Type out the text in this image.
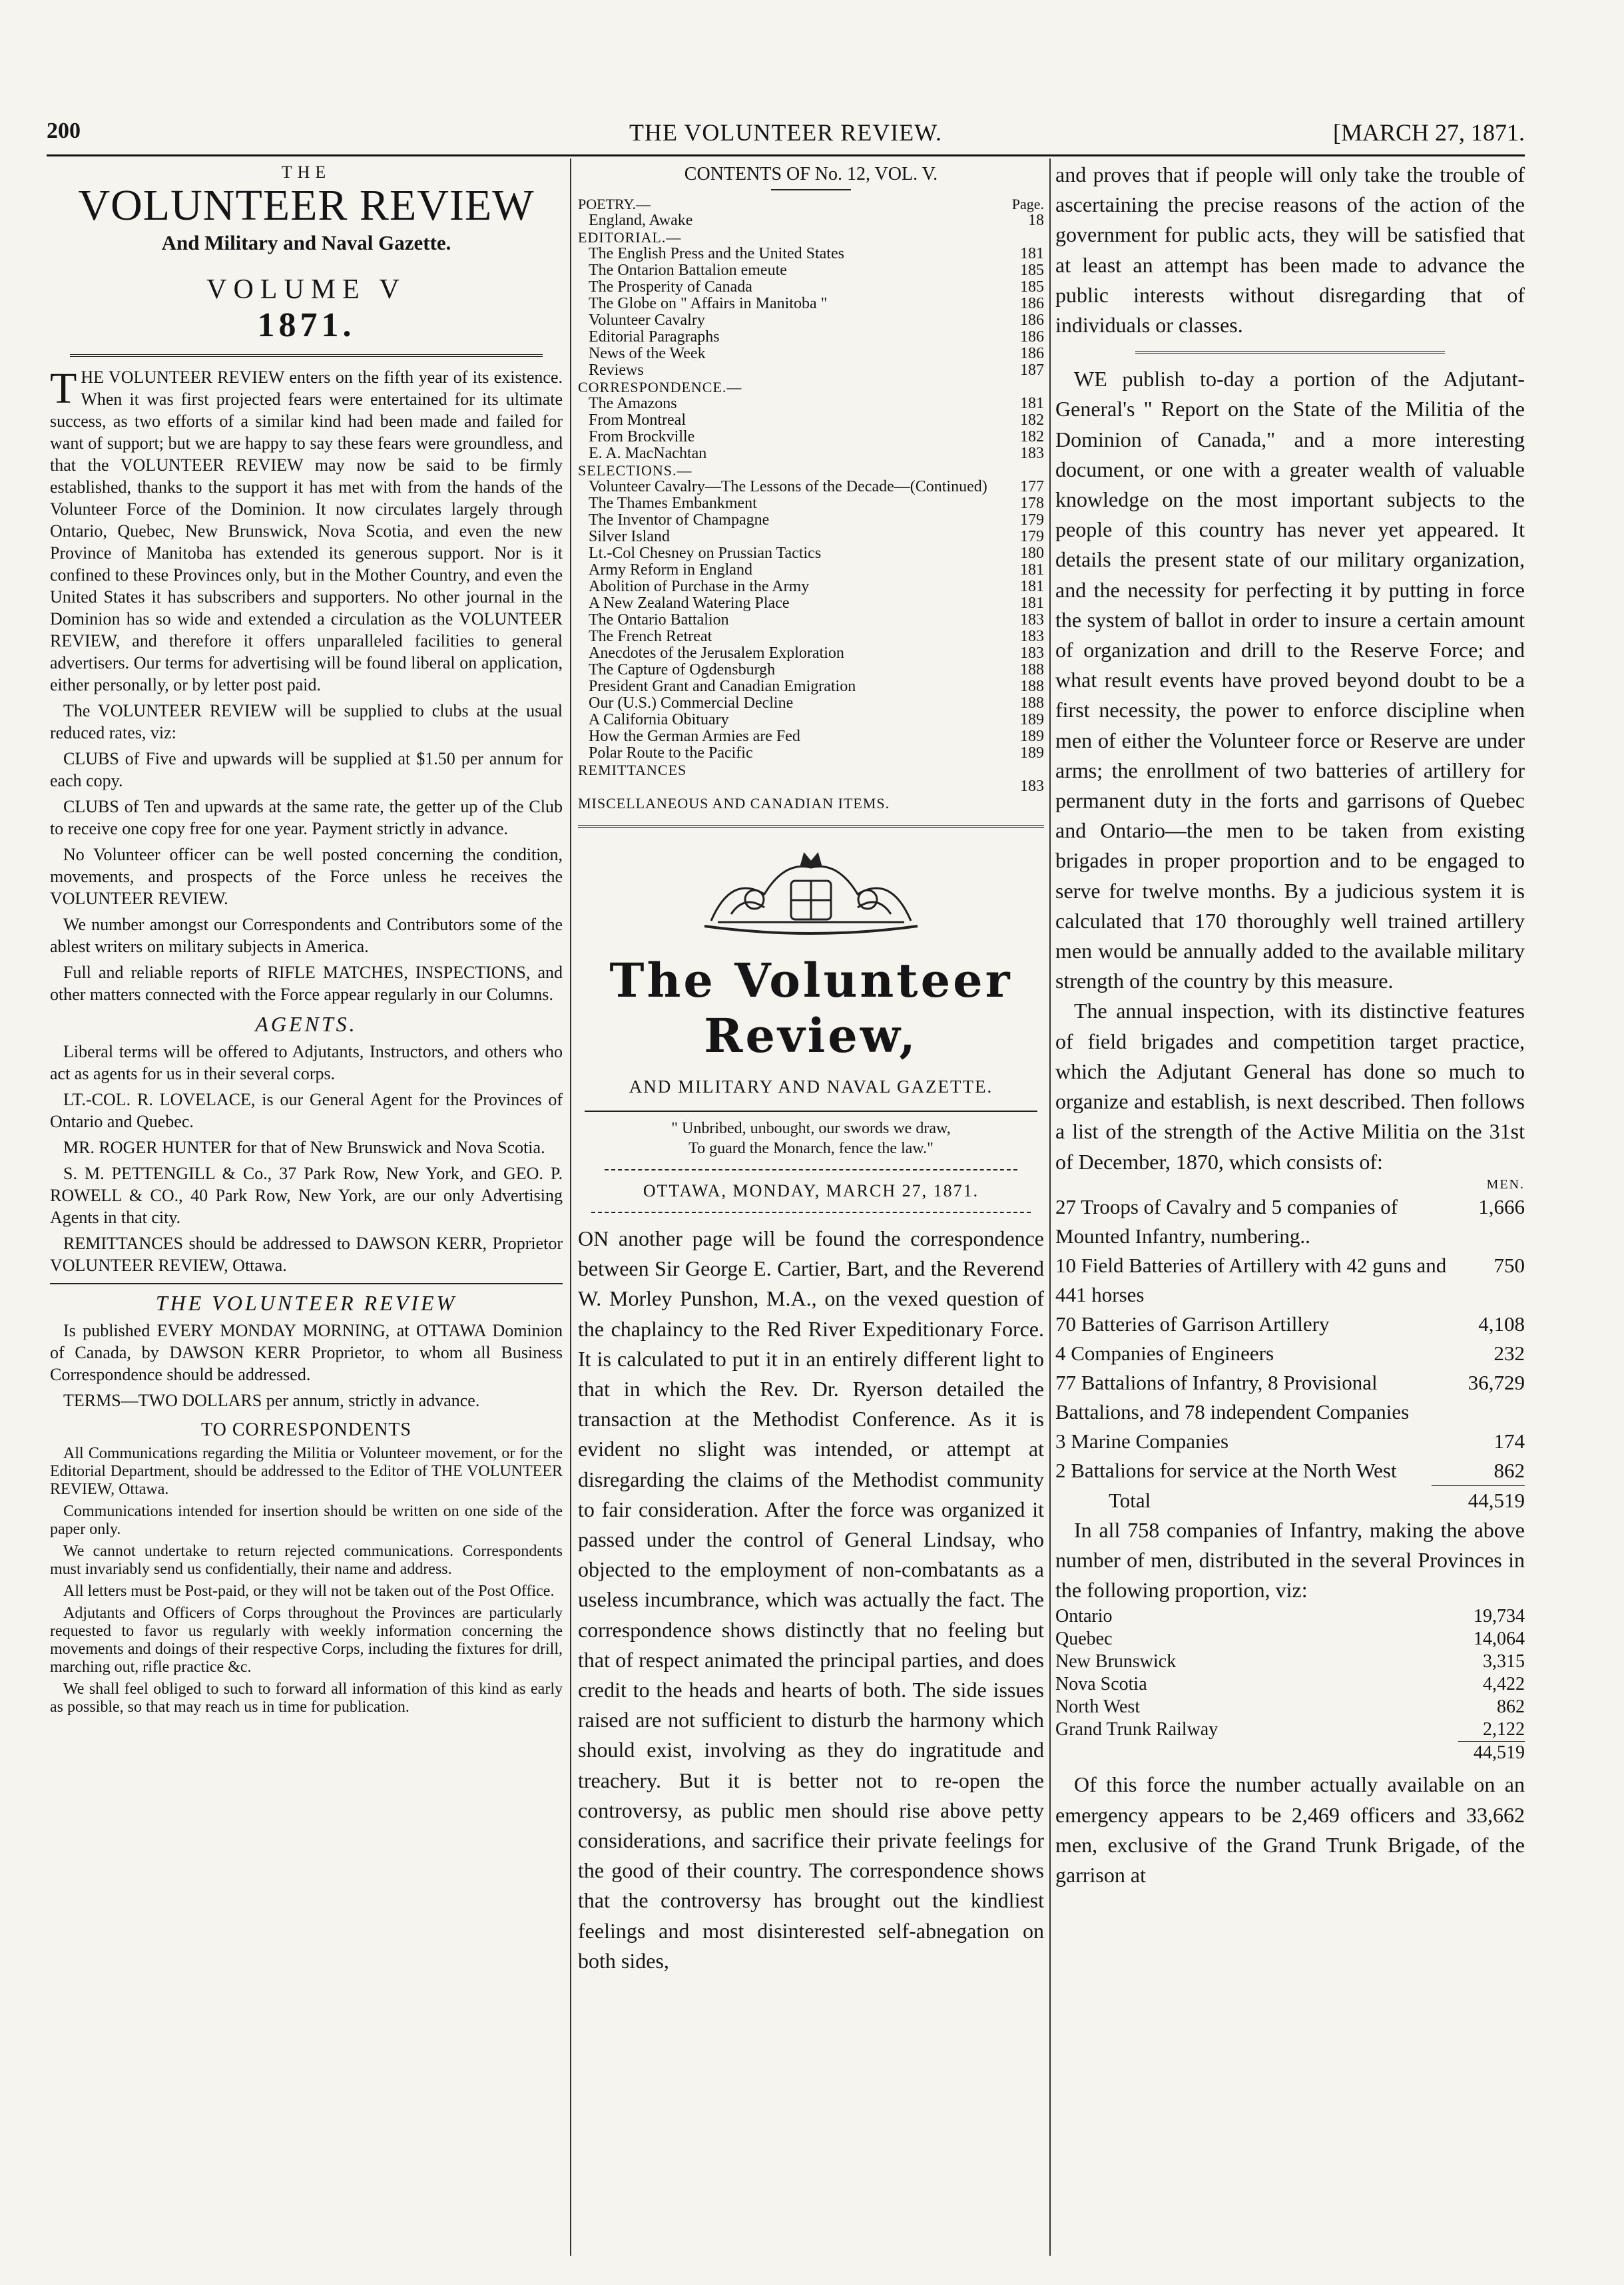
200	THE VOLUNTEER REVIEW.	[MARCH 27, 1871.
THE
VOLUNTEER REVIEW
And Military and Naval Gazette.
VOLUME V
1871.
T HE VOLUNTEER REVIEW enters on the fifth year of its existence. When it was first projected fears were entertained for its ultimate success, as two efforts of a similar kind had been made and failed for want of support; but we are happy to say these fears were groundless, and that the VOLUNTEER REVIEW may now be said to be firmly established, thanks to the support it has met with from the hands of the Volunteer Force of the Dominion. It now circulates largely through Ontario, Quebec, New Brunswick, Nova Scotia, and even the new Province of Manitoba has extended its generous support. Nor is it confined to these Provinces only, but in the Mother Country, and even the United States it has subscribers and supporters. No other journal in the Dominion has so wide and extended a circulation as the VOLUNTEER REVIEW, and therefore it offers unparalleled facilities to general advertisers. Our terms for advertising will be found liberal on application, either personally, or by letter post paid.

The VOLUNTEER REVIEW will be supplied to clubs at the usual reduced rates, viz:

CLUBS of Five and upwards will be supplied at $1.50 per annum for each copy.

CLUBS of Ten and upwards at the same rate, the getter up of the Club to receive one copy free for one year. Payment strictly in advance.

No Volunteer officer can be well posted concerning the condition, movements, and prospects of the Force unless he receives the VOLUNTEER REVIEW.

We number amongst our Correspondents and Contributors some of the ablest writers on military subjects in America.

Full and reliable reports of RIFLE MATCHES, INSPECTIONS, and other matters connected with the Force appear regularly in our Columns.

AGENTS.

Liberal terms will be offered to Adjutants, Instructors, and others who act as agents for us in their several corps.

LT.-COL. R. LOVELACE, is our General Agent for the Provinces of Ontario and Quebec.

MR. ROGER HUNTER for that of New Brunswick and Nova Scotia.

S. M. PETTENGILL & Co., 37 Park Row, New York, and GEO. P. ROWELL & CO., 40 Park Row, New York, are our only Advertising Agents in that city.

REMITTANCES should be addressed to DAWSON KERR, Proprietor VOLUNTEER REVIEW, Ottawa.

THE VOLUNTEER REVIEW

Is published EVERY MONDAY MORNING, at OTTAWA Dominion of Canada, by DAWSON KERR Proprietor, to whom all Business Correspondence should be addressed.

TERMS—TWO DOLLARS per annum, strictly in advance.

TO CORRESPONDENTS

All Communications regarding the Militia or Volunteer movement, or for the Editorial Department, should be addressed to the Editor of THE VOLUNTEER REVIEW, Ottawa.

Communications intended for insertion should be written on one side of the paper only.

We cannot undertake to return rejected communications. Correspondents must invariably send us confidentially, their name and address.

All letters must be Post-paid, or they will not be taken out of the Post Office.

Adjutants and Officers of Corps throughout the Provinces are particularly requested to favor us regularly with weekly information concerning the movements and doings of their respective Corps, including the fixtures for drill, marching out, rifle practice &c.

We shall feel obliged to such to forward all information of this kind as early as possible, so that may reach us in time for publication.

CONTENTS OF No. 12, VOL. V.
POETRY.—	Page.
England, Awake	18
EDITORIAL.—
The English Press and the United States	181
The Ontarion Battalion emeute	185
The Prosperity of Canada	185
The Globe on " Affairs in Manitoba "	186
Volunteer Cavalry	186
Editorial Paragraphs	186
News of the Week	186
Reviews	187
CORRESPONDENCE.—
The Amazons	181
From Montreal	182
From Brockville	182
E. A. MacNachtan	183
SELECTIONS.—
Volunteer Cavalry—The Lessons of the Decade—(Continued)	177
The Thames Embankment	178
The Inventor of Champagne	179
Silver Island	179
Lt.-Col Chesney on Prussian Tactics	180
Army Reform in England	181
Abolition of Purchase in the Army	181
A New Zealand Watering Place	181
The Ontario Battalion	183
The French Retreat	183
Anecdotes of the Jerusalem Exploration	183
The Capture of Ogdensburgh	188
President Grant and Canadian Emigration	188
Our (U.S.) Commercial Decline	188
A California Obituary	189
How the German Armies are Fed	189
Polar Route to the Pacific	189
REMITTANCES
183
MISCELLANEOUS AND CANADIAN ITEMS.
The Volunteer Review,
AND MILITARY AND NAVAL GAZETTE.
" Unbribed, unbought, our swords we draw,
To guard the Monarch, fence the law."
OTTAWA, MONDAY, MARCH 27, 1871.

ON another page will be found the correspondence between Sir George E. Cartier, Bart, and the Reverend W. Morley Punshon, M.A., on the vexed question of the chaplaincy to the Red River Expeditionary Force. It is calculated to put it in an entirely different light to that in which the Rev. Dr. Ryerson detailed the transaction at the Methodist Conference. As it is evident no slight was intended, or attempt at disregarding the claims of the Methodist community to fair consideration. After the force was organized it passed under the control of General Lindsay, who objected to the employment of non-combatants as a useless incumbrance, which was actually the fact. The correspondence shows distinctly that no feeling but that of respect animated the principal parties, and does credit to the heads and hearts of both. The side issues raised are not sufficient to disturb the harmony which should exist, involving as they do ingratitude and treachery. But it is better not to re-open the controversy, as public men should rise above petty considerations, and sacrifice their private feelings for the good of their country. The correspondence shows that the controversy has brought out the kindliest feelings and most disinterested self-abnegation on both sides,

and proves that if people will only take the trouble of ascertaining the precise reasons of the action of the government for public acts, they will be satisfied that at least an attempt has been made to advance the public interests without disregarding that of individuals or classes.

WE publish to-day a portion of the Adjutant-General's " Report on the State of the Militia of the Dominion of Canada," and a more interesting document, or one with a greater wealth of valuable knowledge on the most important subjects to the people of this country has never yet appeared. It details the present state of our military organization, and the necessity for perfecting it by putting in force the system of ballot in order to insure a certain amount of organization and drill to the Reserve Force; and what result events have proved beyond doubt to be a first necessity, the power to enforce discipline when men of either the Volunteer force or Reserve are under arms; the enrollment of two batteries of artillery for permanent duty in the forts and garrisons of Quebec and Ontario—the men to be taken from existing brigades in proper proportion and to be engaged to serve for twelve months. By a judicious system it is calculated that 170 thoroughly well trained artillery men would be annually added to the available military strength of the country by this measure.

The annual inspection, with its distinctive features of field brigades and competition target practice, which the Adjutant General has done so much to organize and establish, is next described. Then follows a list of the strength of the Active Militia on the 31st of December, 1870, which consists of:

MEN.
27 Troops of Cavalry and 5 companies of Mounted Infantry, numbering..
1,666
10 Field Batteries of Artillery with 42 guns and 441 horses
750
70 Batteries of Garrison Artillery	4,108
4 Companies of Engineers	232
77 Battalions of Infantry, 8 Provisional Battalions, and 78 independent Companies
36,729
3 Marine Companies	174
2 Battalions for service at the North West	862
Total	44,519

In all 758 companies of Infantry, making the above number of men, distributed in the several Provinces in the following proportion, viz:

Ontario	19,734
Quebec	14,064
New Brunswick	3,315
Nova Scotia	4,422
North West	862
Grand Trunk Railway	2,122
44,519

Of this force the number actually available on an emergency appears to be 2,469 officers and 33,662 men, exclusive of the Grand Trunk Brigade, of the garrison at
